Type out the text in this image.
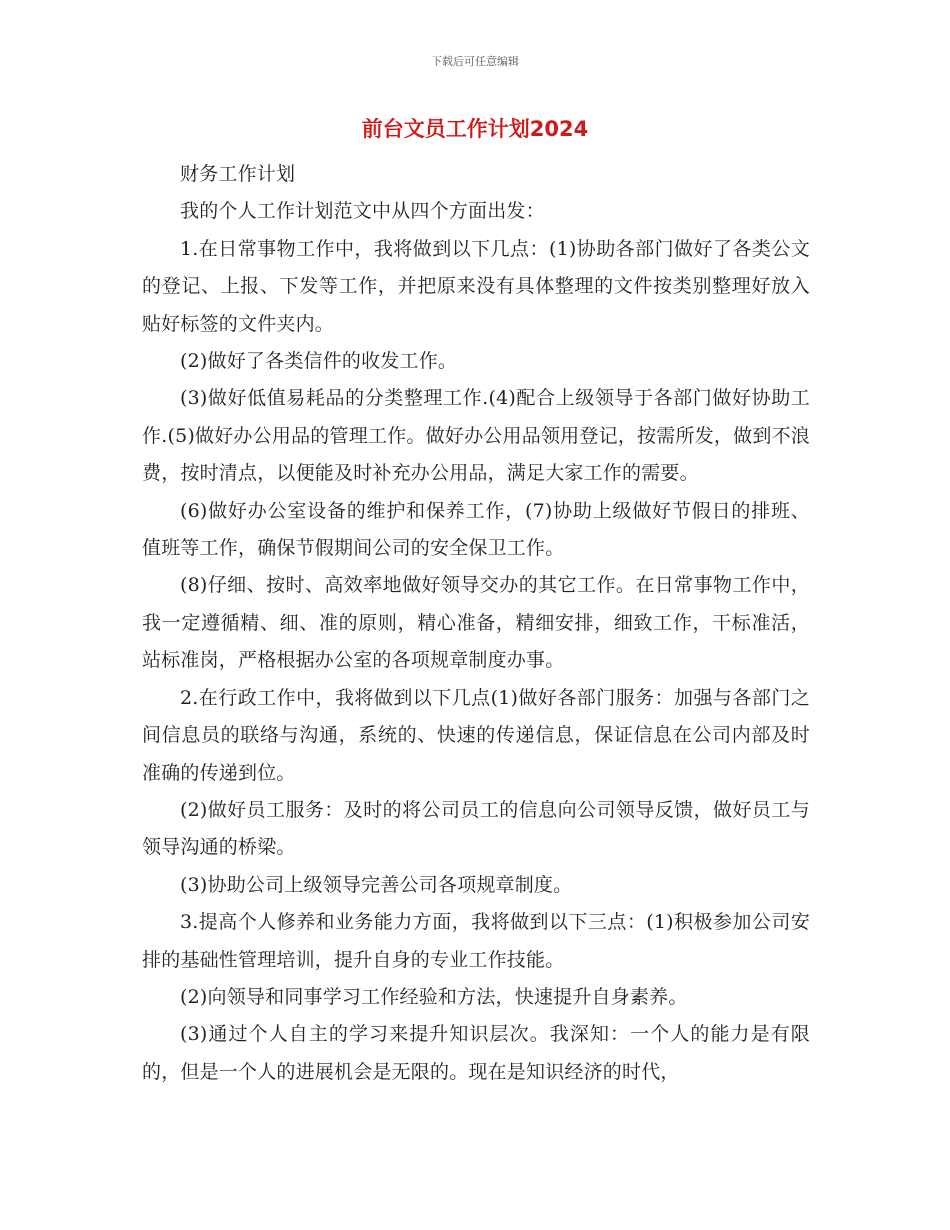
下载后可任意编辑
前台文员工作计划2024

财务工作计划

我的个人工作计划范文中从四个方面出发：

1.在日常事物工作中，我将做到以下几点：(1)协助各部门做好了各类公文的登记、上报、下发等工作，并把原来没有具体整理的文件按类别整理好放入贴好标签的文件夹内。

(2)做好了各类信件的收发工作。

(3)做好低值易耗品的分类整理工作.(4)配合上级领导于各部门做好协助工作.(5)做好办公用品的管理工作。做好办公用品领用登记，按需所发，做到不浪费，按时清点，以便能及时补充办公用品，满足大家工作的需要。

(6)做好办公室设备的维护和保养工作，(7)协助上级做好节假日的排班、值班等工作，确保节假期间公司的安全保卫工作。

(8)仔细、按时、高效率地做好领导交办的其它工作。在日常事物工作中，我一定遵循精、细、准的原则，精心准备，精细安排，细致工作，干标准活，站标准岗，严格根据办公室的各项规章制度办事。

2.在行政工作中，我将做到以下几点(1)做好各部门服务：加强与各部门之间信息员的联络与沟通，系统的、快速的传递信息，保证信息在公司内部及时准确的传递到位。

(2)做好员工服务：及时的将公司员工的信息向公司领导反馈，做好员工与领导沟通的桥梁。

(3)协助公司上级领导完善公司各项规章制度。

3.提高个人修养和业务能力方面，我将做到以下三点：(1)积极参加公司安排的基础性管理培训，提升自身的专业工作技能。

(2)向领导和同事学习工作经验和方法，快速提升自身素养。

(3)通过个人自主的学习来提升知识层次。我深知：一个人的能力是有限的，但是一个人的进展机会是无限的。现在是知识经济的时代，
